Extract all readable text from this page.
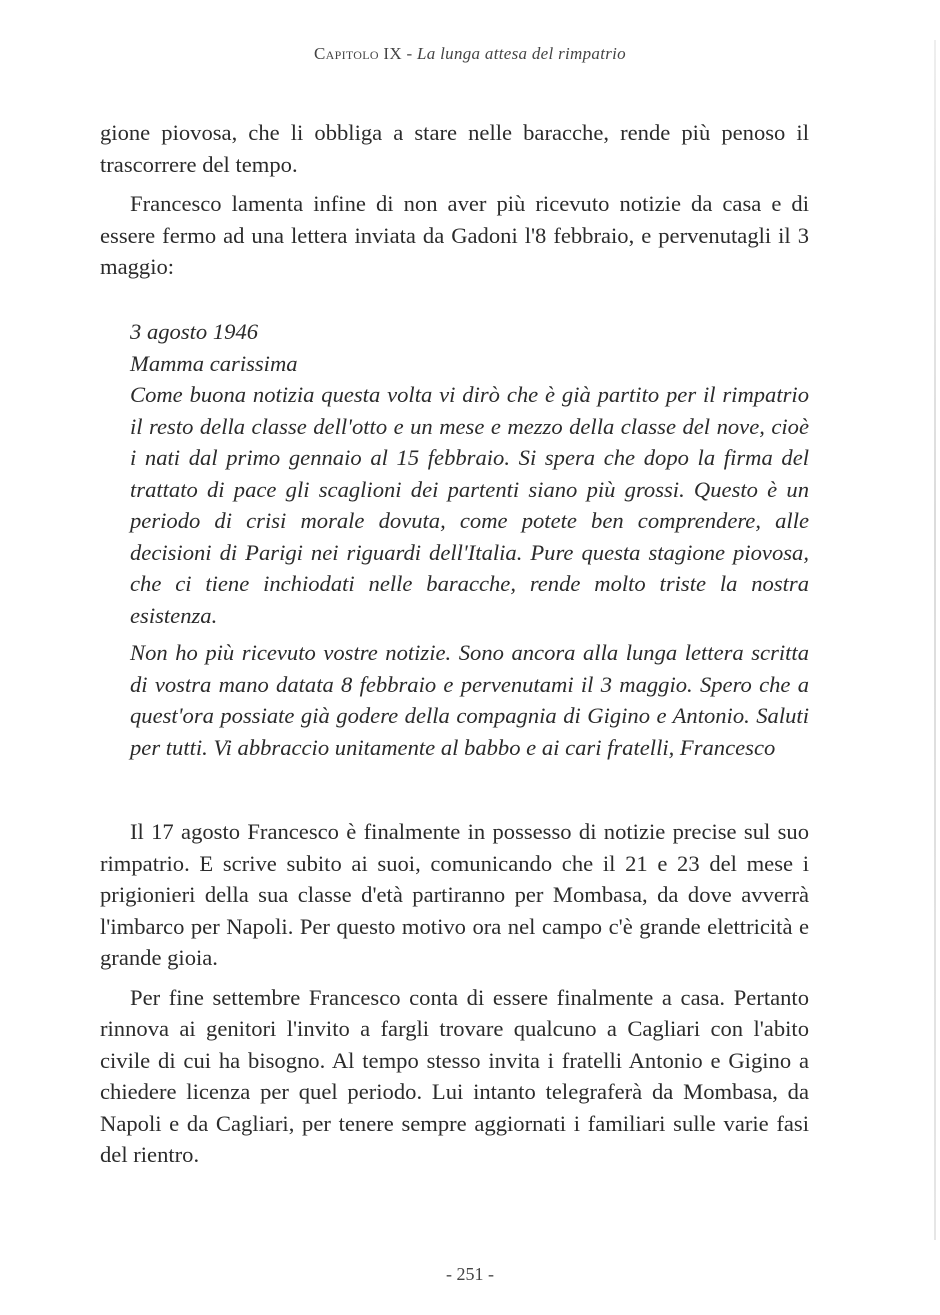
Capitolo IX - La lunga attesa del rimpatrio

gione piovosa, che li obbliga a stare nelle baracche, rende più penoso il trascorrere del tempo.

Francesco lamenta infine di non aver più ricevuto notizie da casa e di essere fermo ad una lettera inviata da Gadoni l'8 febbraio, e pervenutagli il 3 maggio:

3 agosto 1946
Mamma carissima

Come buona notizia questa volta vi dirò che è già partito per il rimpatrio il resto della classe dell'otto e un mese e mezzo della classe del nove, cioè i nati dal primo gennaio al 15 febbraio. Si spera che dopo la firma del trattato di pace gli scaglioni dei partenti siano più grossi. Questo è un periodo di crisi morale dovuta, come potete ben comprendere, alle decisioni di Parigi nei riguardi dell'Italia. Pure questa stagione piovosa, che ci tiene inchiodati nelle baracche, rende molto triste la nostra esistenza.

Non ho più ricevuto vostre notizie. Sono ancora alla lunga lettera scritta di vostra mano datata 8 febbraio e pervenutami il 3 maggio. Spero che a quest'ora possiate già godere della compagnia di Gigino e Antonio. Saluti per tutti. Vi abbraccio unitamente al babbo e ai cari fratelli, Francesco

Il 17 agosto Francesco è finalmente in possesso di notizie precise sul suo rimpatrio. E scrive subito ai suoi, comunicando che il 21 e 23 del mese i prigionieri della sua classe d'età partiranno per Mombasa, da dove avverrà l'imbarco per Napoli. Per questo motivo ora nel campo c'è grande elettricità e grande gioia.

Per fine settembre Francesco conta di essere finalmente a casa. Pertanto rinnova ai genitori l'invito a fargli trovare qualcuno a Cagliari con l'abito civile di cui ha bisogno. Al tempo stesso invita i fratelli Antonio e Gigino a chiedere licenza per quel periodo. Lui intanto telegraferà da Mombasa, da Napoli e da Cagliari, per tenere sempre aggiornati i familiari sulle varie fasi del rientro.

- 251 -
